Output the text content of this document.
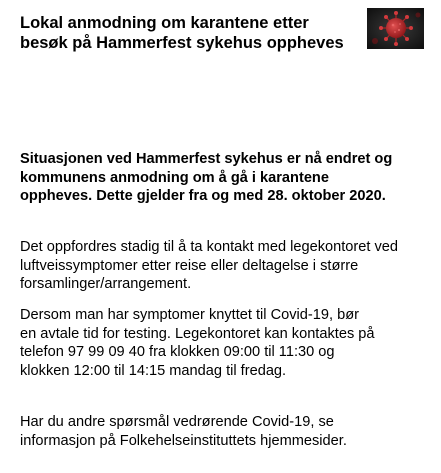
Lokal anmodning om karantene etter
besøk på Hammerfest sykehus oppheves

Situasjonen ved Hammerfest sykehus er nå endret og
kommunens anmodning om å gå i karantene
oppheves. Dette gjelder fra og med 28. oktober 2020.

Det oppfordres stadig til å ta kontakt med legekontoret ved
luftveissymptomer etter reise eller deltagelse i større
forsamlinger/arrangement.

Dersom man har symptomer knyttet til Covid-19, bør
en avtale tid for testing. Legekontoret kan kontaktes på
telefon 97 99 09 40 fra klokken 09:00 til 11:30 og
klokken 12:00 til 14:15 mandag til fredag.

Har du andre spørsmål vedrørende Covid-19, se
informasjon på Folkehelseinstituttets hjemmesider.
